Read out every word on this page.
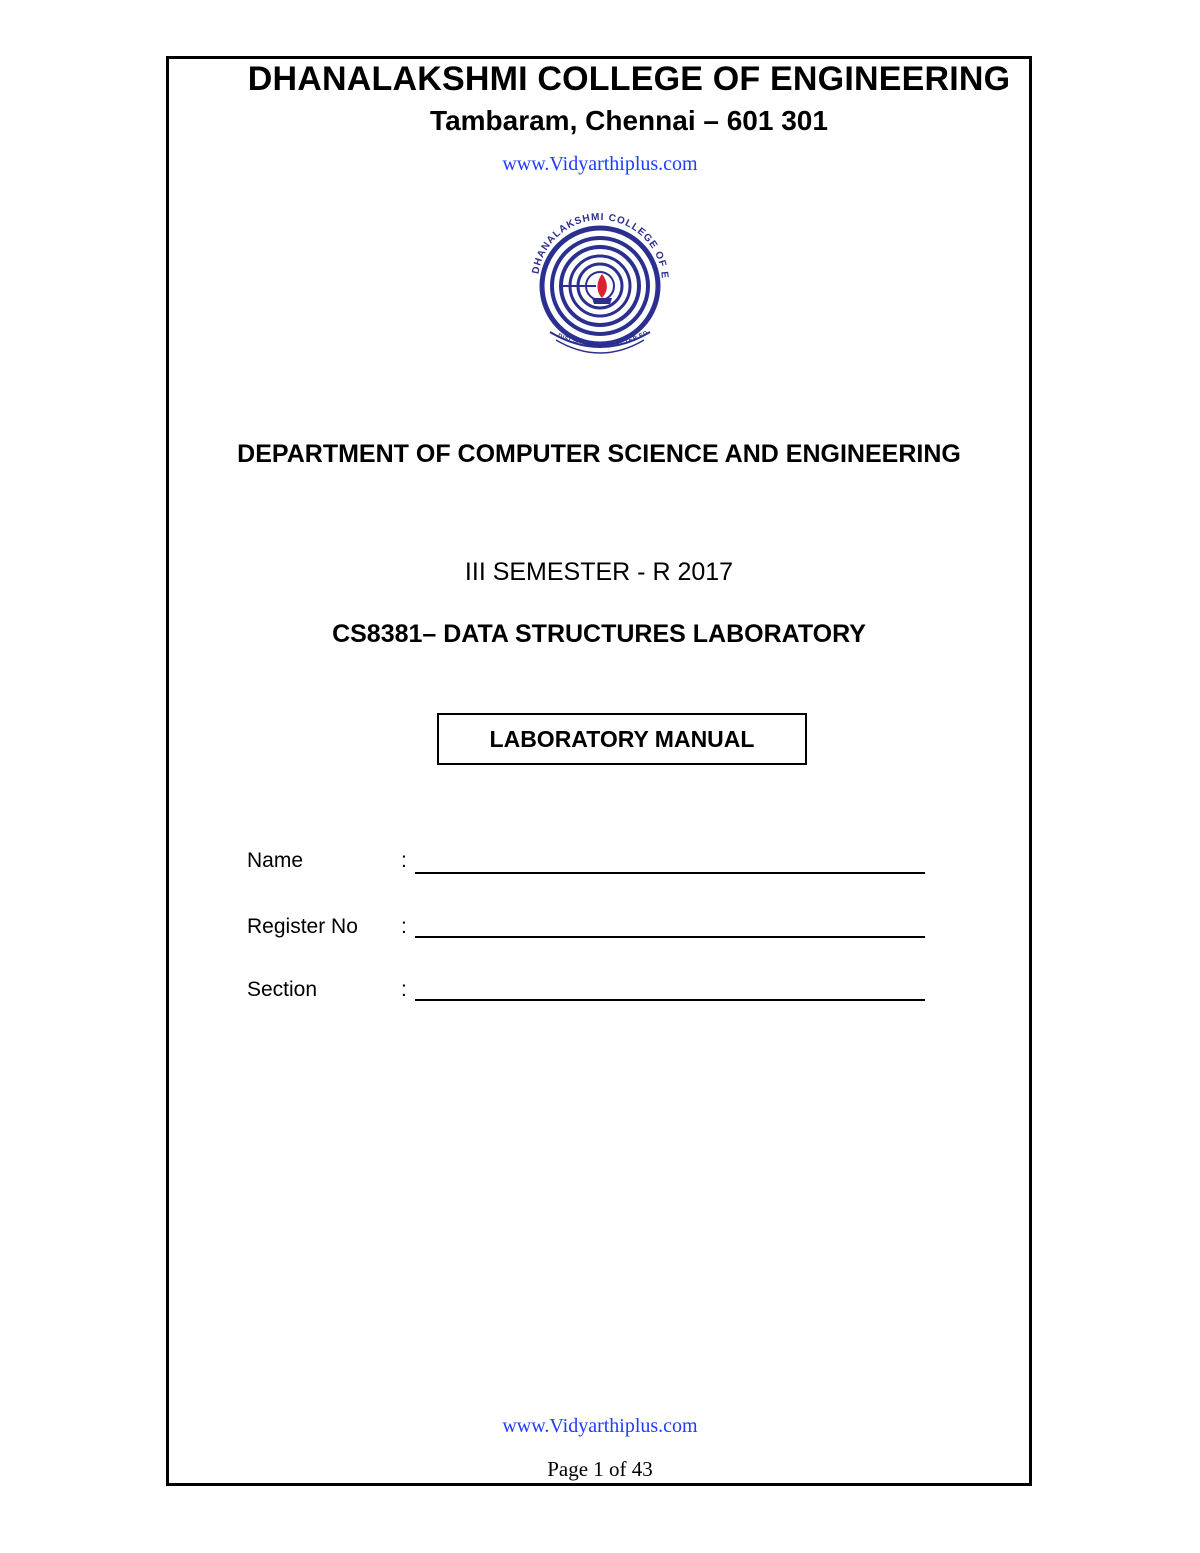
DHANALAKSHMI COLLEGE OF ENGINEERING
Tambaram, Chennai – 601 301
www.Vidyarthiplus.com
DHANALAKSHMI COLLEGE OF E
DISCIPLINE CHARACTER ED
DEPARTMENT OF COMPUTER SCIENCE AND ENGINEERING
III SEMESTER - R 2017
CS8381– DATA STRUCTURES LABORATORY
LABORATORY MANUAL
Name	:
Register No :
Section	:
www.Vidyarthiplus.com
Page 1 of 43
